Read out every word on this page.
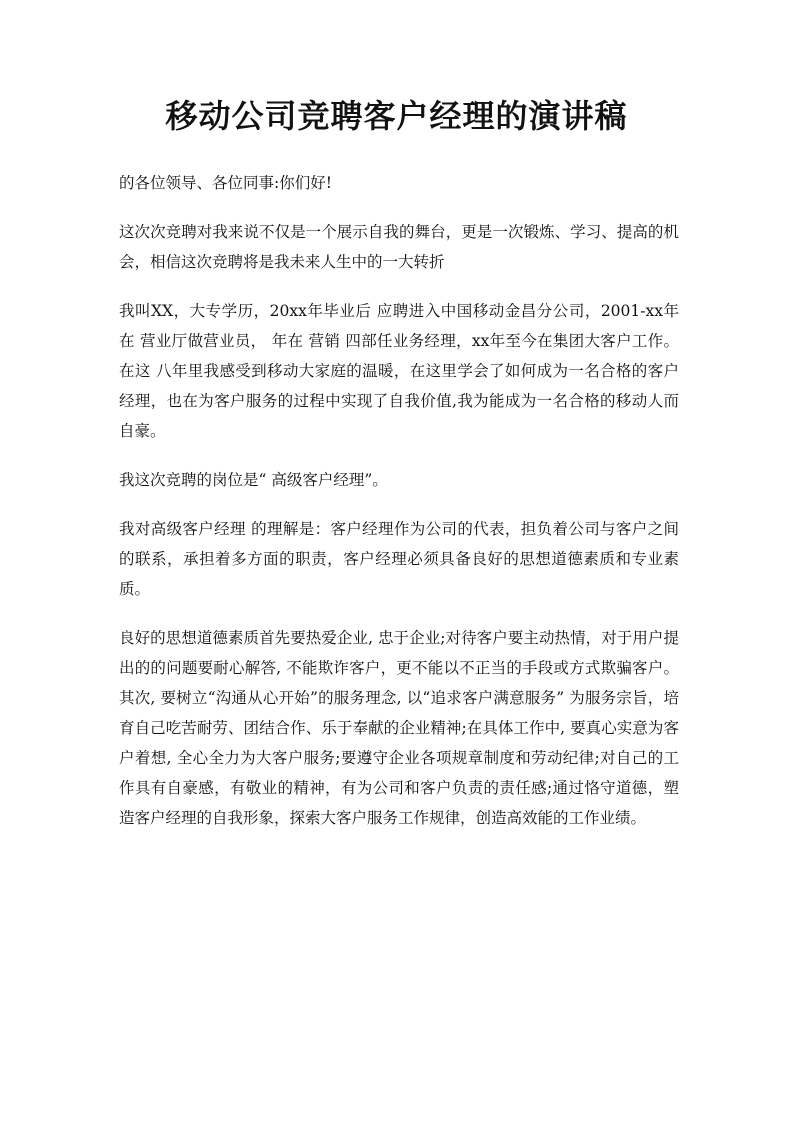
移动公司竞聘客户经理的演讲稿

的各位领导、各位同事:你们好!

这次次竞聘对我来说不仅是一个展示自我的舞台，更是一次锻炼、学习、提高的机会，相信这次竞聘将是我未来人生中的一大转折

我叫XX，大专学历，20xx年毕业后 应聘进入中国移动金昌分公司，2001-xx年在 营业厅做营业员， 年在 营销 四部任业务经理，xx年至今在集团大客户工作。在这 八年里我感受到移动大家庭的温暖，在这里学会了如何成为一名合格的客户经理，也在为客户服务的过程中实现了自我价值,我为能成为一名合格的移动人而自豪。

我这次竞聘的岗位是“ 高级客户经理”。

我对高级客户经理 的理解是：客户经理作为公司的代表，担负着公司与客户之间的联系，承担着多方面的职责，客户经理必须具备良好的思想道德素质和专业素质。

良好的思想道德素质首先要热爱企业, 忠于企业;对待客户要主动热情，对于用户提出的的问题要耐心解答, 不能欺诈客户，更不能以不正当的手段或方式欺骗客户。其次, 要树立“沟通从心开始”的服务理念, 以“追求客户满意服务” 为服务宗旨，培育自己吃苦耐劳、团结合作、乐于奉献的企业精神;在具体工作中, 要真心实意为客户着想, 全心全力为大客户服务;要遵守企业各项规章制度和劳动纪律;对自己的工作具有自豪感，有敬业的精神，有为公司和客户负责的责任感;通过恪守道德，塑造客户经理的自我形象，探索大客户服务工作规律，创造高效能的工作业绩。
